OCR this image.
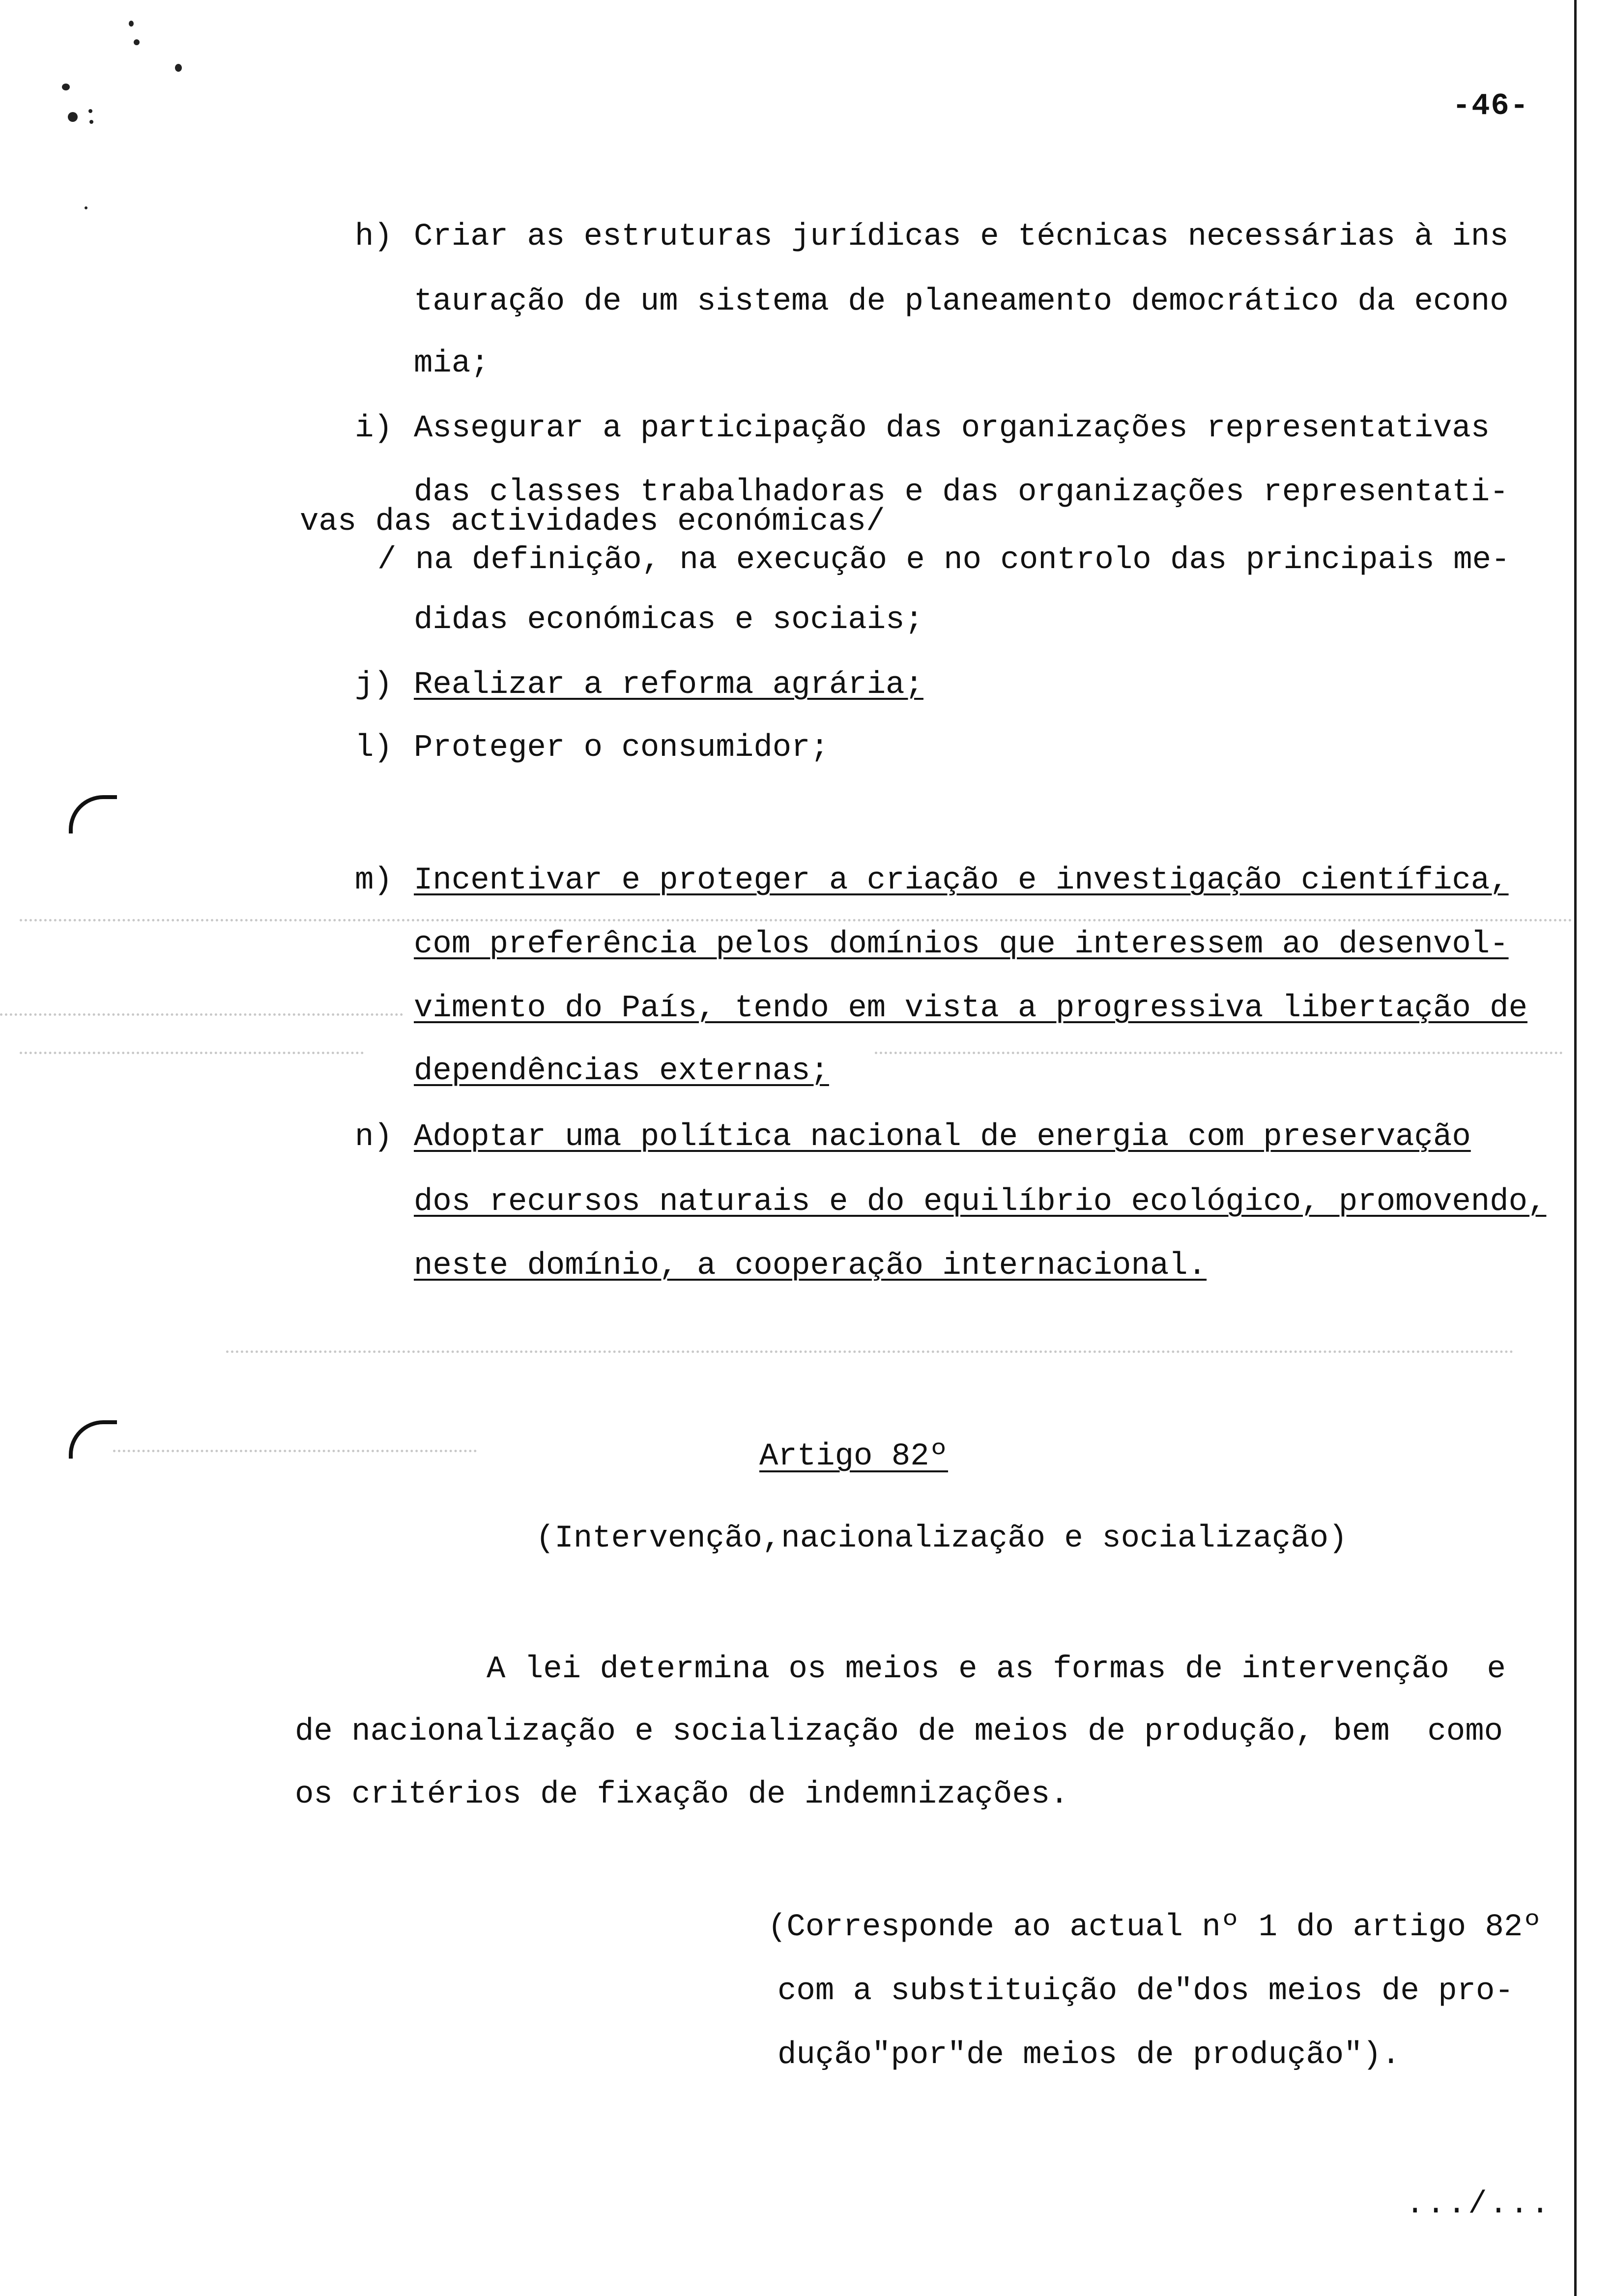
-46-
h) Criar as estruturas jurídicas e técnicas necessárias à ins
tauração de um sistema de planeamento democrático da econo
mia;
i) Assegurar a participação das organizações representativas
das classes trabalhadoras e das organizações representati-
vas das actividades económicas/
/ na definição, na execução e no controlo das principais me-
didas económicas e sociais;
j) Realizar a reforma agrária;
l) Proteger o consumidor;
m) Incentivar e proteger a criação e investigação científica,
com preferência pelos domínios que interessem ao desenvol-
vimento do País, tendo em vista a progressiva libertação de
dependências externas;
n) Adoptar uma política nacional de energia com preservação
dos recursos naturais e do equilíbrio ecológico, promovendo,
neste domínio, a cooperação internacional.
Artigo 82º
(Intervenção,nacionalização e socialização)
A lei determina os meios e as formas de intervenção  e
de nacionalização e socialização de meios de produção, bem  como
os critérios de fixação de indemnizações.
(Corresponde ao actual nº 1 do artigo 82º
com a substituição de"dos meios de pro-
dução"por"de meios de produção").
.../...
